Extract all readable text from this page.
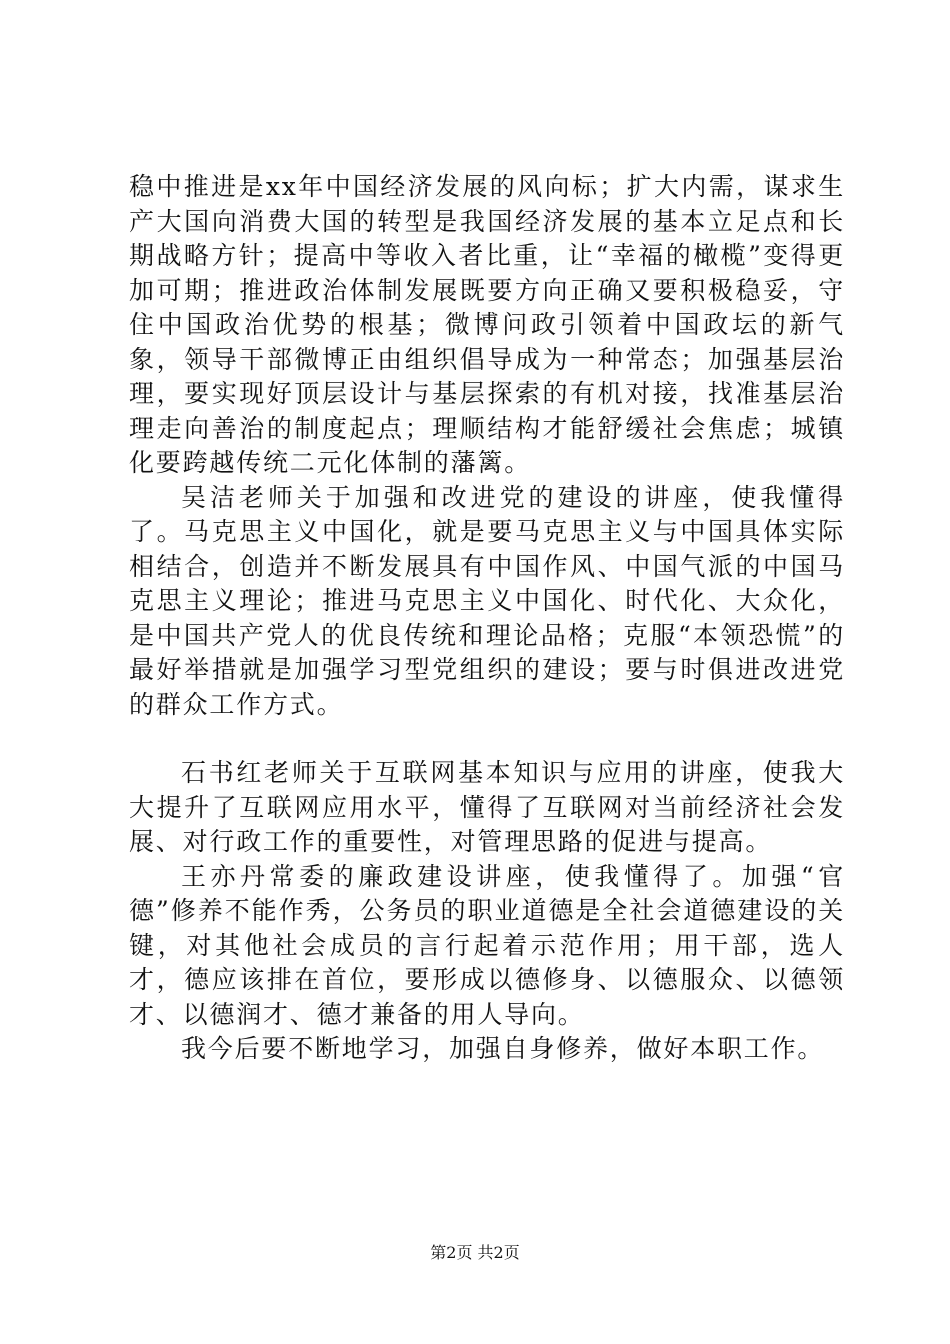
稳中推进是xx年中国经济发展的风向标；扩大内需，谋求生产大国向消费大国的转型是我国经济发展的基本立足点和长期战略方针；提高中等收入者比重，让“幸福的橄榄”变得更加可期；推进政治体制发展既要方向正确又要积极稳妥，守住中国政治优势的根基；微博问政引领着中国政坛的新气象，领导干部微博正由组织倡导成为一种常态；加强基层治理，要实现好顶层设计与基层探索的有机对接，找准基层治理走向善治的制度起点；理顺结构才能舒缓社会焦虑；城镇化要跨越传统二元化体制的藩篱。

吴洁老师关于加强和改进党的建设的讲座，使我懂得了。马克思主义中国化，就是要马克思主义与中国具体实际相结合，创造并不断发展具有中国作风、中国气派的中国马克思主义理论；推进马克思主义中国化、时代化、大众化，是中国共产党人的优良传统和理论品格；克服“本领恐慌”的最好举措就是加强学习型党组织的建设；要与时俱进改进党的群众工作方式。

石书红老师关于互联网基本知识与应用的讲座，使我大大提升了互联网应用水平，懂得了互联网对当前经济社会发展、对行政工作的重要性，对管理思路的促进与提高。

王亦丹常委的廉政建设讲座，使我懂得了。加强“官德”修养不能作秀，公务员的职业道德是全社会道德建设的关键，对其他社会成员的言行起着示范作用；用干部，选人才，德应该排在首位，要形成以德修身、以德服众、以德领才、以德润才、德才兼备的用人导向。

我今后要不断地学习，加强自身修养，做好本职工作。

第2页 共2页
